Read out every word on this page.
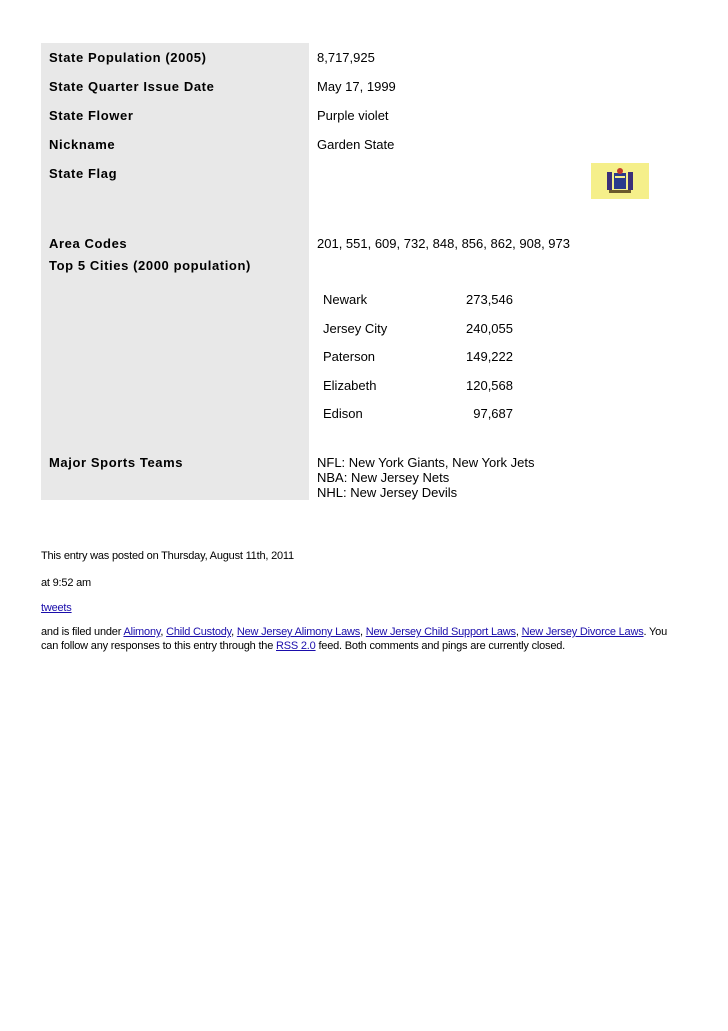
State Population (2005)	8,717,925
State Quarter Issue Date	May 17, 1999
State Flower	Purple violet
Nickname	Garden State
State Flag	

Area Codes	201, 551, 609, 732, 848, 856, 862, 908, 973
Top 5 Cities (2000 population)	
Newark	273,546
Jersey City	240,055
Paterson	149,222
Elizabeth	120,568
Edison	97,687

Major Sports Teams	NFL: New York Giants, New York Jets
NBA: New Jersey Nets
NHL: New Jersey Devils
This entry was posted on Thursday, August 11th, 2011
at 9:52 am
tweets
and is filed under Alimony, Child Custody, New Jersey Alimony Laws, New Jersey Child Support Laws, New Jersey Divorce Laws. You can follow any responses to this entry through the RSS 2.0 feed. Both comments and pings are currently closed.
